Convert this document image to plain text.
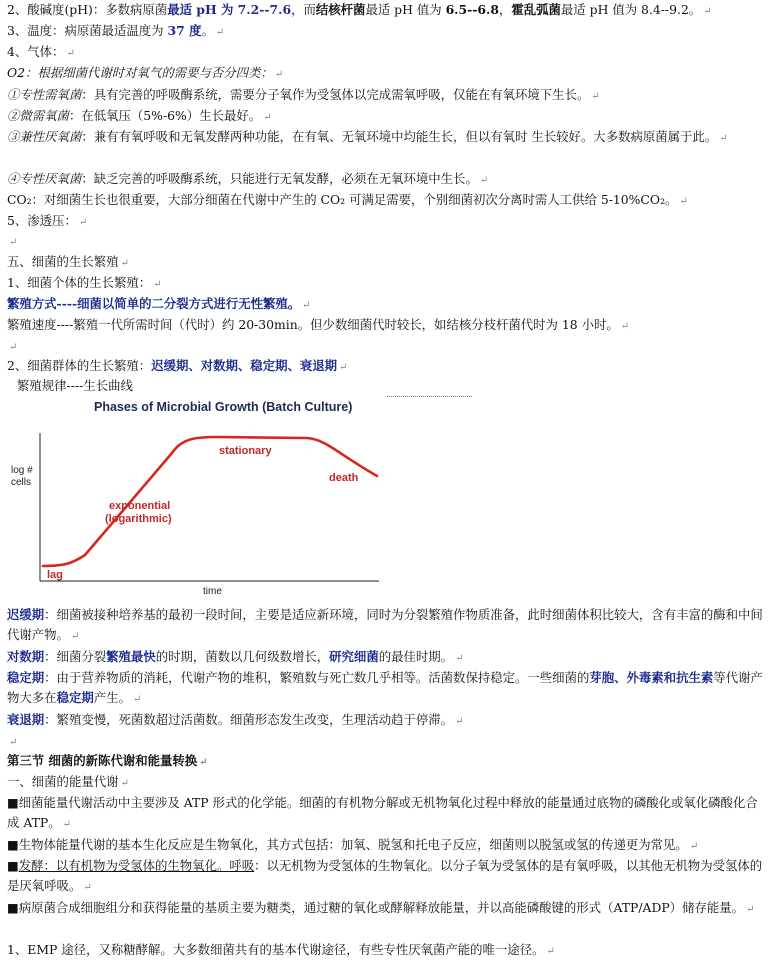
2、酸碱度(pH)：多数病原菌最适 pH 为 7.2--7.6，而结核杆菌最适 pH 值为 6.5--6.8，霍乱弧菌最适 pH 值为 8.4--9.2。 ↵
3、温度：病原菌最适温度为 37 度。 ↵
4、气体： ↵
O2：根据细菌代谢时对氧气的需要与否分四类： ↵
①专性需氧菌：具有完善的呼吸酶系统，需要分子氧作为受氢体以完成需氧呼吸，仅能在有氧环境下生长。 ↵
②微需氧菌：在低氧压（5%-6%）生长最好。 ↵
③兼性厌氧菌：兼有有氧呼吸和无氧发酵两种功能，在有氧、无氧环境中均能生长，但以有氧时 生长较好。大多数病原菌属于此。 ↵
④专性厌氧菌：缺乏完善的呼吸酶系统，只能进行无氧发酵，必须在无氧环境中生长。 ↵
CO₂：对细菌生长也很重要，大部分细菌在代谢中产生的 CO₂ 可满足需要，个别细菌初次分离时需人工供给 5-10%CO₂。 ↵
5、渗透压： ↵
↵
五、细菌的生长繁殖 ↵
1、细菌个体的生长繁殖： ↵
繁殖方式----细菌以简单的二分裂方式进行无性繁殖。 ↵
繁殖速度----繁殖一代所需时间（代时）约 20-30min。但少数细菌代时较长，如结核分枝杆菌代时为 18 小时。 ↵
↵
2、细菌群体的生长繁殖：迟缓期、对数期、稳定期、衰退期 ↵
繁殖规律----生长曲线
Phases of Microbial Growth (Batch Culture)
log #
cells
time
lag
exponential
(logarithmic)
stationary
death
迟缓期：细菌被接种培养基的最初一段时间，主要是适应新环境，同时为分裂繁殖作物质准备，此时细菌体积比较大，含有丰富的酶和中间代谢产物。 ↵
对数期：细菌分裂繁殖最快的时期，菌数以几何级数增长，研究细菌的最佳时期。 ↵
稳定期：由于营养物质的消耗，代谢产物的堆积，繁殖数与死亡数几乎相等。活菌数保持稳定。一些细菌的芽胞、外毒素和抗生素等代谢产物大多在稳定期产生。 ↵
衰退期：繁殖变慢，死菌数超过活菌数。细菌形态发生改变，生理活动趋于停滞。 ↵
↵
第三节 细菌的新陈代谢和能量转换 ↵
一、细菌的能量代谢 ↵
■细菌能量代谢活动中主要涉及 ATP 形式的化学能。细菌的有机物分解或无机物氧化过程中释放的能量通过底物的磷酸化或氧化磷酸化合成 ATP。 ↵
■生物体能量代谢的基本生化反应是生物氧化，其方式包括：加氧、脱氢和托电子反应，细菌则以脱氢或氢的传递更为常见。 ↵
■发酵：以有机物为受氢体的生物氧化。呼吸：以无机物为受氢体的生物氧化。以分子氧为受氢体的是有氧呼吸，以其他无机物为受氢体的是厌氧呼吸。 ↵
■病原菌合成细胞组分和获得能量的基质主要为糖类，通过糖的氧化或酵解释放能量，并以高能磷酸键的形式（ATP/ADP）储存能量。 ↵
1、EMP 途径，又称糖酵解。大多数细菌共有的基本代谢途径，有些专性厌氧菌产能的唯一途径。 ↵
